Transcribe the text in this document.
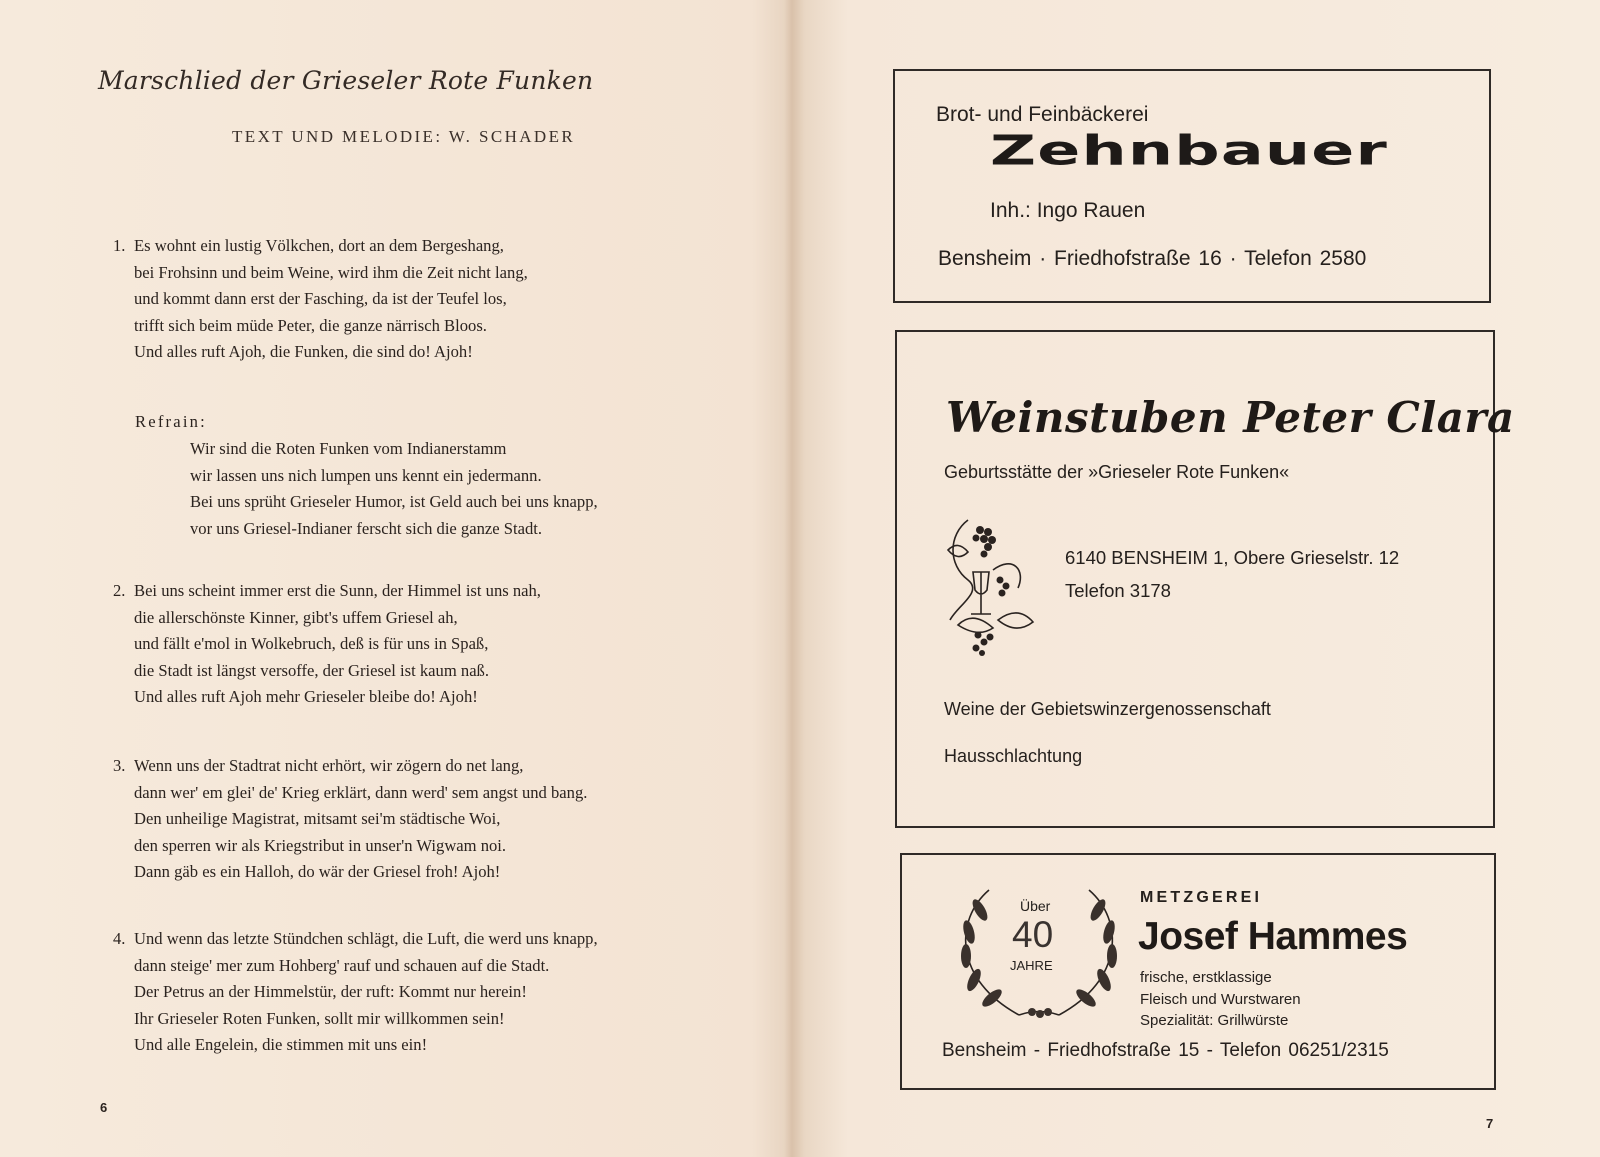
Marschlied der Grieseler Rote Funken
TEXT UND MELODIE: W. SCHADER
1. Es wohnt ein lustig Völkchen, dort an dem Bergeshang,
bei Frohsinn und beim Weine, wird ihm die Zeit nicht lang,
und kommt dann erst der Fasching, da ist der Teufel los,
trifft sich beim müde Peter, die ganze närrisch Bloos.
Und alles ruft Ajoh, die Funken, die sind do! Ajoh!
Refrain:
Wir sind die Roten Funken vom Indianerstamm
wir lassen uns nich lumpen uns kennt ein jedermann.
Bei uns sprüht Grieseler Humor, ist Geld auch bei uns knapp,
vor uns Griesel-Indianer ferscht sich die ganze Stadt.
2. Bei uns scheint immer erst die Sunn, der Himmel ist uns nah,
die allerschönste Kinner, gibt's uffem Griesel ah,
und fällt e'mol in Wolkebruch, deß is für uns in Spaß,
die Stadt ist längst versoffe, der Griesel ist kaum naß.
Und alles ruft Ajoh mehr Grieseler bleibe do! Ajoh!
3. Wenn uns der Stadtrat nicht erhört, wir zögern do net lang,
dann wer' em glei' de' Krieg erklärt, dann werd' sem angst und bang.
Den unheilige Magistrat, mitsamt sei'm städtische Woi,
den sperren wir als Kriegstribut in unser'n Wigwam noi.
Dann gäb es ein Halloh, do wär der Griesel froh! Ajoh!
4. Und wenn das letzte Stündchen schlägt, die Luft, die werd uns knapp,
dann steige' mer zum Hohberg' rauf und schauen auf die Stadt.
Der Petrus an der Himmelstür, der ruft: Kommt nur herein!
Ihr Grieseler Roten Funken, sollt mir willkommen sein!
Und alle Engelein, die stimmen mit uns ein!
6
Brot- und Feinbäckerei
Zehnbauer
Inh.: Ingo Rauen
Bensheim · Friedhofstraße 16 · Telefon 2580
Weinstuben Peter Clara
Geburtsstätte der »Grieseler Rote Funken«
6140 BENSHEIM 1, Obere Grieselstr. 12
Telefon 3178
Weine der Gebietswinzergenossenschaft
Hausschlachtung
Über
40
JAHRE
METZGEREI
Josef Hammes
frische, erstklassige
Fleisch und Wurstwaren
Spezialität: Grillwürste
Bensheim - Friedhofstraße 15 - Telefon 06251/2315
7
